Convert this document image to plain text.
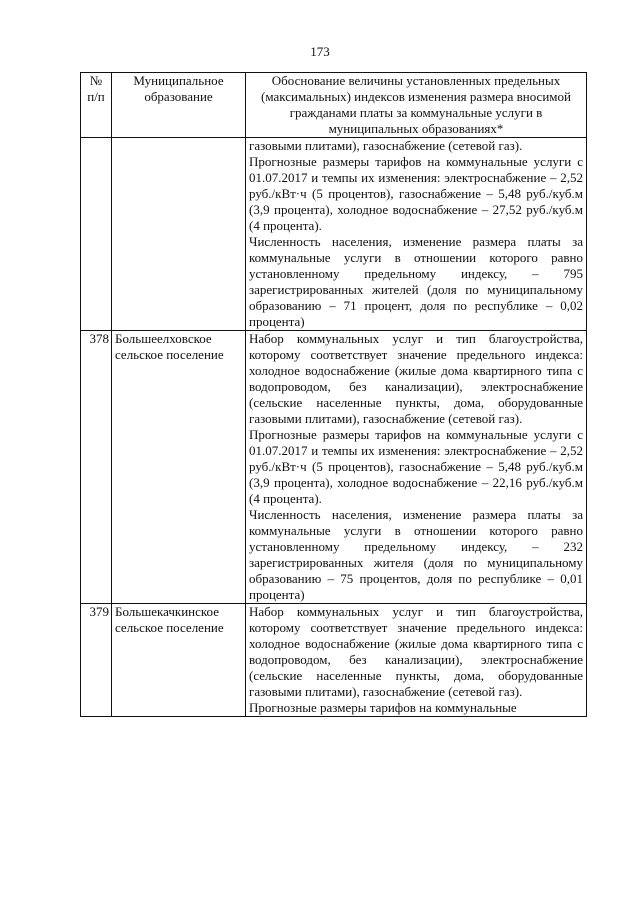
173
№ п/п	Муниципальное образование	Обоснование величины установленных предельных (максимальных) индексов изменения размера вносимой гражданами платы за коммунальные услуги в муниципальных образованиях*

		газовыми плитами), газоснабжение (сетевой газ).
Прогнозные размеры тарифов на коммунальные услуги с 01.07.2017 и темпы их изменения: электроснабжение – 2,52 руб./кВт·ч (5 процентов), газоснабжение – 5,48 руб./куб.м (3,9 процента), холодное водоснабжение – 27,52 руб./куб.м (4 процента).
Численность населения, изменение размера платы за коммунальные услуги в отношении которого равно установленному предельному индексу, – 795 зарегистрированных жителей (доля по муниципальному образованию – 71 процент, доля по республике – 0,02 процента)

378	Большеелховское сельское поселение	Набор коммунальных услуг и тип благоустройства, которому соответствует значение предельного индекса: холодное водоснабжение (жилые дома квартирного типа с водопроводом, без канализации), электроснабжение (сельские населенные пункты, дома, оборудованные газовыми плитами), газоснабжение (сетевой газ).
Прогнозные размеры тарифов на коммунальные услуги с 01.07.2017 и темпы их изменения: электроснабжение – 2,52 руб./кВт·ч (5 процентов), газоснабжение – 5,48 руб./куб.м (3,9 процента), холодное водоснабжение – 22,16 руб./куб.м (4 процента).
Численность населения, изменение размера платы за коммунальные услуги в отношении которого равно установленному предельному индексу, – 232 зарегистрированных жителя (доля по муниципальному образованию – 75 процентов, доля по республике – 0,01 процента)

379	Большекачкинское сельское поселение	Набор коммунальных услуг и тип благоустройства, которому соответствует значение предельного индекса: холодное водоснабжение (жилые дома квартирного типа с водопроводом, без канализации), электроснабжение (сельские населенные пункты, дома, оборудованные газовыми плитами), газоснабжение (сетевой газ).
Прогнозные размеры тарифов на коммунальные
